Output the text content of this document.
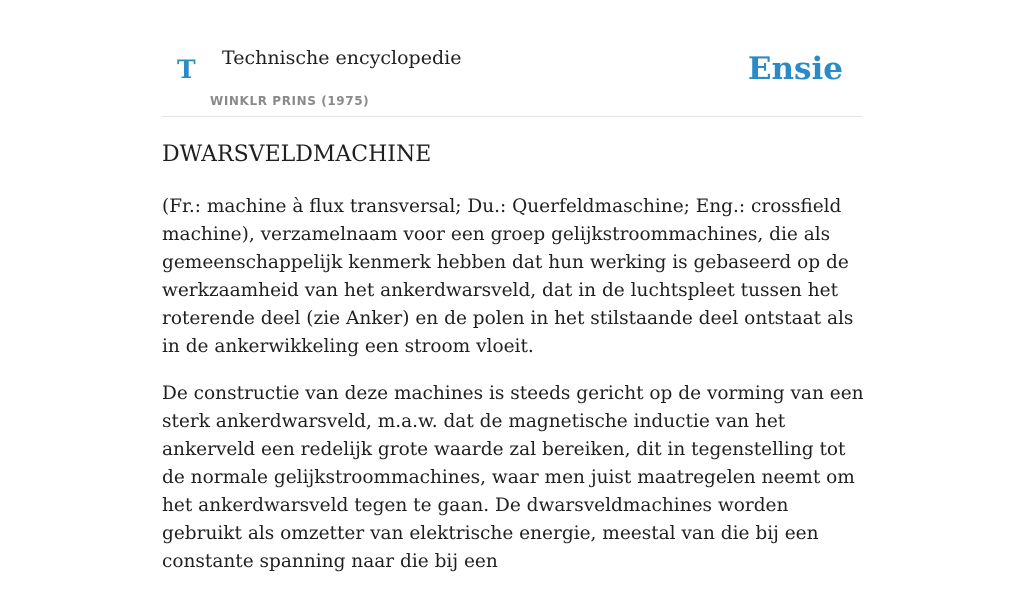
T Technische encyclopedie
WINKLR PRINS (1975)
Ensie
DWARSVELDMACHINE

(Fr.: machine à flux transversal; Du.: Querfeldmaschine; Eng.: crossfield machine), verzamelnaam voor een groep gelijkstroommachines, die als gemeenschappelijk kenmerk hebben dat hun werking is gebaseerd op de werkzaamheid van het ankerdwarsveld, dat in de luchtspleet tussen het roterende deel (zie Anker) en de polen in het stilstaande deel ontstaat als in de ankerwikkeling een stroom vloeit.

De constructie van deze machines is steeds gericht op de vorming van een sterk ankerdwarsveld, m.a.w. dat de magnetische inductie van het ankerveld een redelijk grote waarde zal bereiken, dit in tegenstelling tot de normale gelijkstroommachines, waar men juist maatregelen neemt om het ankerdwarsveld tegen te gaan. De dwarsveldmachines worden gebruikt als omzetter van elektrische energie, meestal van die bij een constante spanning naar die bij een
